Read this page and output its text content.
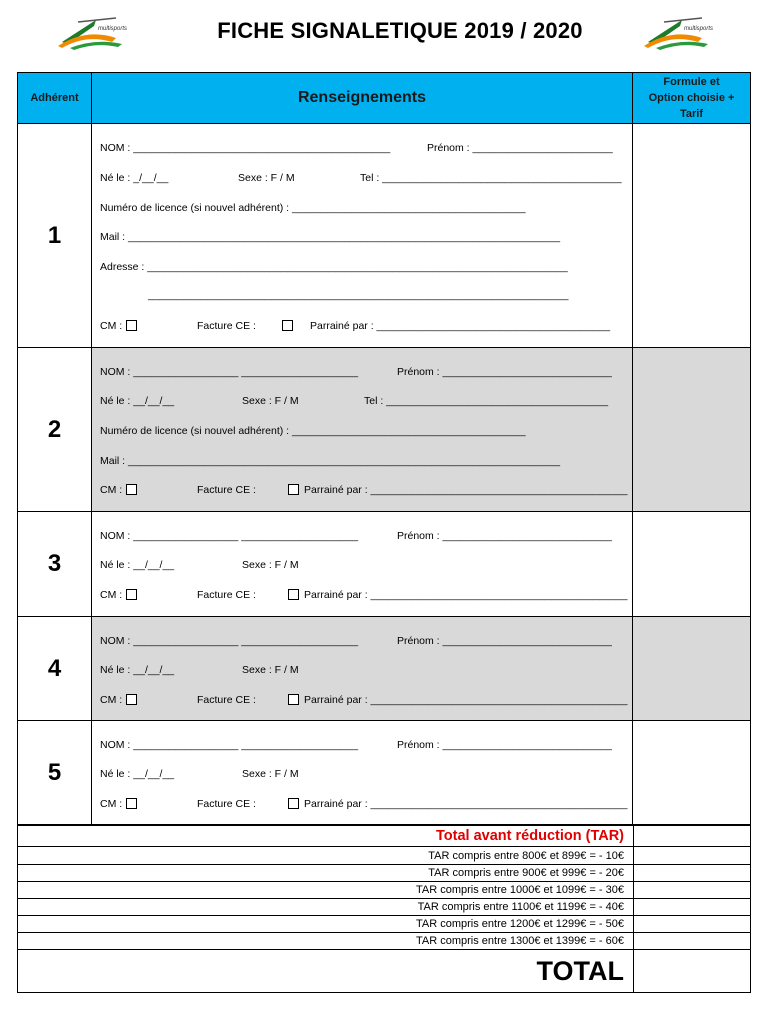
multisports	FICHE SIGNALETIQUE 2019 / 2020	multisports
Adhérent	Renseignements
Formule et
Option choisie +
Tarif
1
NOM : ____________________________________________	Prénom : ________________________
Né le : _/__/__	Sexe : F / M	Tel : _________________________________________
Numéro de licence (si nouvel adhérent) : ________________________________________
Mail : __________________________________________________________________________
Adresse : ________________________________________________________________________
________________________________________________________________________
CM :	Facture CE :	Parrainé par : ________________________________________
2
NOM : __________________ ____________________	Prénom : _____________________________
Né le : __/__/__	Sexe : F / M	Tel : ______________________________________
Numéro de licence (si nouvel adhérent) : ________________________________________
Mail : __________________________________________________________________________
CM :	Facture CE :	Parrainé par : ____________________________________________
3
NOM : __________________ ____________________	Prénom : _____________________________
Né le : __/__/__	Sexe : F / M
CM :	Facture CE :	Parrainé par : ____________________________________________
4
NOM : __________________ ____________________	Prénom : _____________________________
Né le : __/__/__	Sexe : F / M
CM :	Facture CE :	Parrainé par : ____________________________________________
5
NOM : __________________ ____________________	Prénom : _____________________________
Né le : __/__/__	Sexe : F / M
CM :	Facture CE :	Parrainé par : ____________________________________________
Total avant réduction (TAR)
TAR compris entre 800€ et 899€ = - 10€
TAR compris entre 900€ et 999€ = - 20€
TAR compris entre 1000€ et 1099€ = - 30€
TAR compris entre 1100€ et 1199€ = - 40€
TAR compris entre 1200€ et 1299€ = - 50€
TAR compris entre 1300€ et 1399€ = - 60€
TOTAL
